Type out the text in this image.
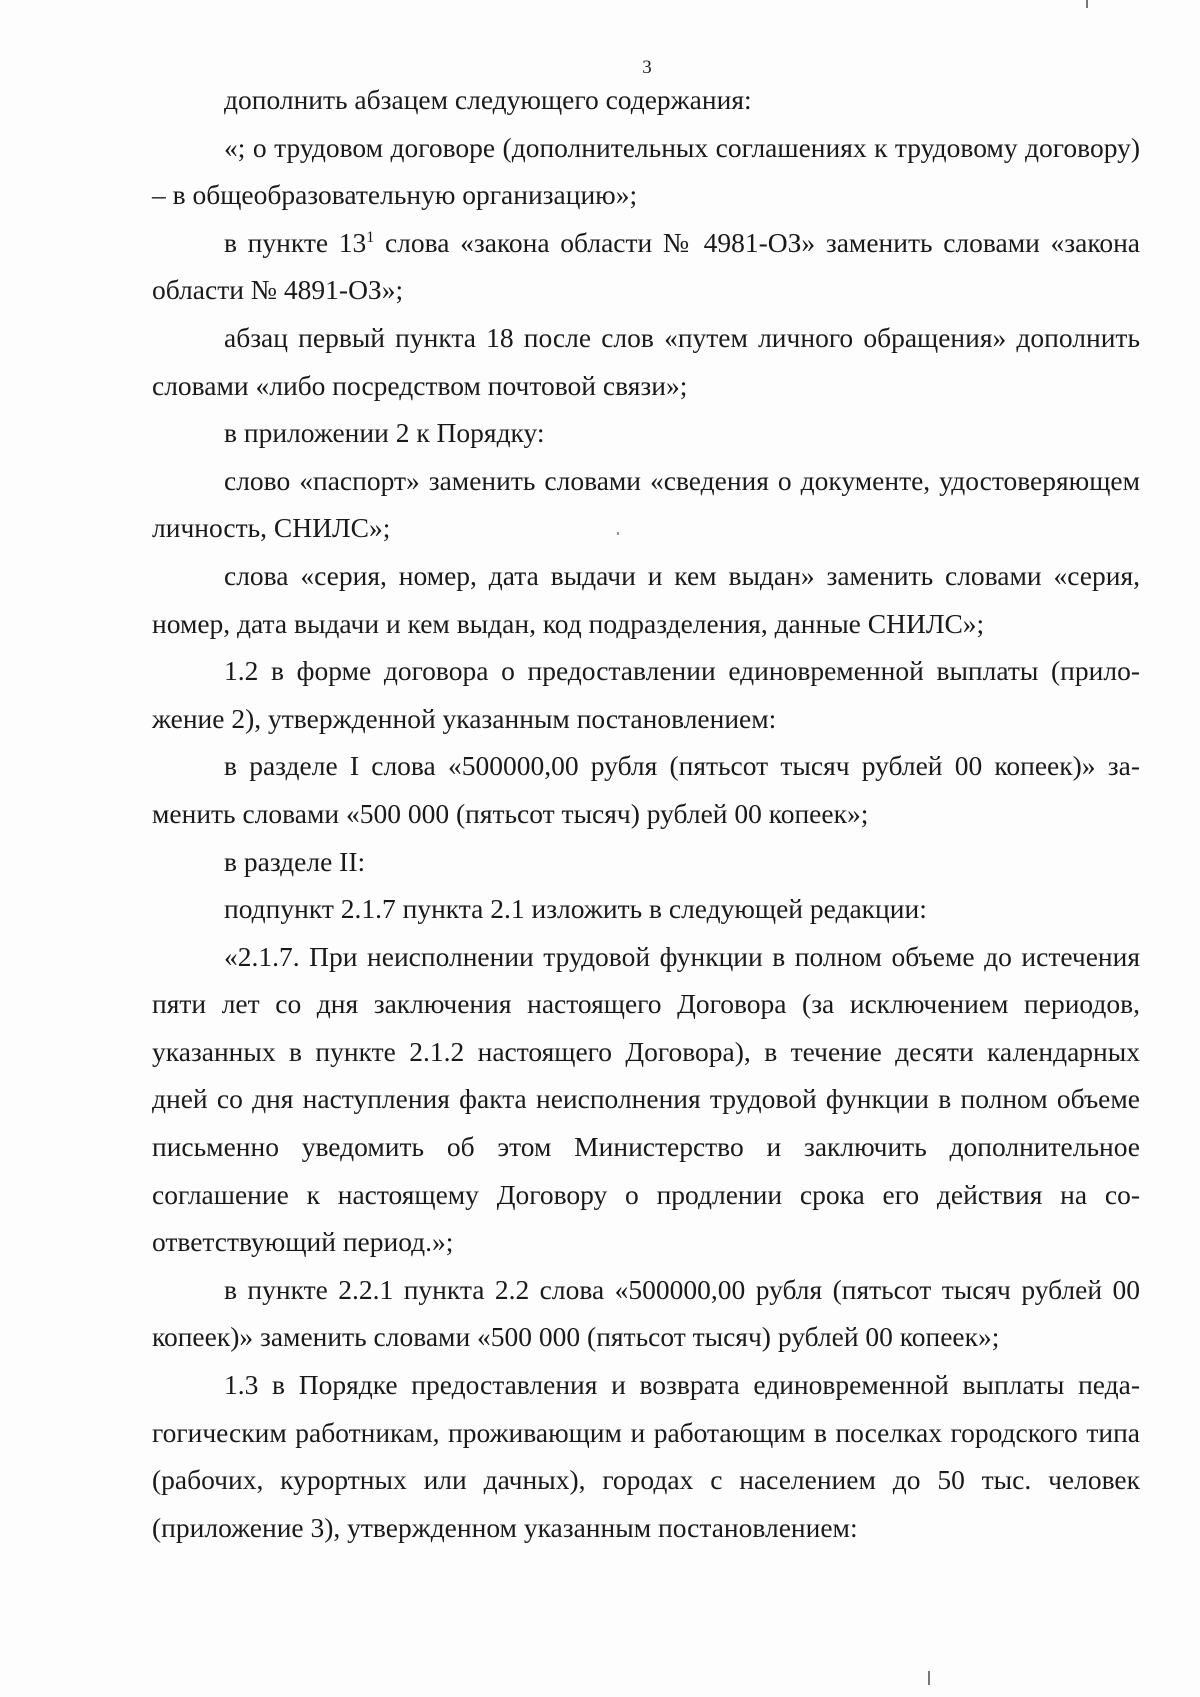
3

дополнить абзацем следующего содержания:

«; о трудовом договоре (дополнительных соглашениях к трудовому договору) – в общеобразовательную организацию»;

в пункте $13^1$ слова «закона области № 4981-ОЗ» заменить словами «закона области № 4891-ОЗ»;

абзац первый пункта 18 после слов «путем личного обращения» дополнить словами «либо посредством почтовой связи»;

в приложении 2 к Порядку:

слово «паспорт» заменить словами «сведения о документе, удостоверяющем личность, СНИЛС»;

слова «серия, номер, дата выдачи и кем выдан» заменить словами «серия, номер, дата выдачи и кем выдан, код подразделения, данные СНИЛС»;

1.2 в форме договора о предоставлении единовременной выплаты (приложение 2), утвержденной указанным постановлением:

в разделе I слова «500000,00 рубля (пятьсот тысяч рублей 00 копеек)» заменить словами «500 000 (пятьсот тысяч) рублей 00 копеек»;

в разделе II:

подпункт 2.1.7 пункта 2.1 изложить в следующей редакции:

«2.1.7. При неисполнении трудовой функции в полном объеме до истечения пяти лет со дня заключения настоящего Договора (за исключением периодов, указанных в пункте 2.1.2 настоящего Договора), в течение десяти календарных дней со дня наступления факта неисполнения трудовой функции в полном объеме письменно уведомить об этом Министерство и заключить дополнительное соглашение к настоящему Договору о продлении срока его действия на соответствующий период.»;

в пункте 2.2.1 пункта 2.2 слова «500000,00 рубля (пятьсот тысяч рублей 00 копеек)» заменить словами «500 000 (пятьсот тысяч) рублей 00 копеек»;

1.3 в Порядке предоставления и возврата единовременной выплаты педагогическим работникам, проживающим и работающим в поселках городского типа (рабочих, курортных или дачных), городах с населением до 50 тыс. человек (приложение 3), утвержденном указанным постановлением:
